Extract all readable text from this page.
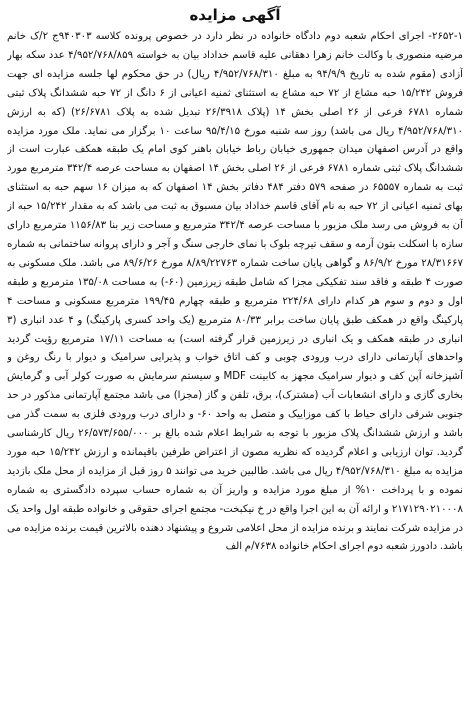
آگهی مزایده

۲۶۵۲-۱- اجرای احکام شعبه دوم دادگاه خانواده در نظر دارد در خصوص پرونده کلاسه ۹۴۰۳۰۳ج ۲/ک خانم مرضیه منصوری با وکالت خانم زهرا دهقانی علیه قاسم خداداد بیان به خواسته ۴/۹۵۲/۷۶۸/۸۵۹ عدد سکه بهار آزادی (مقوم شده به تاریخ ۹۴/۹/۹ به مبلغ ۴/۹۵۲/۷۶۸/۳۱۰ ریال) در حق محکوم لها جلسه مزایده ای جهت فروش ۱۵/۲۴۲ حبه مشاع از ۷۲ حبه مشاع به استثنای ثمنیه اعیانی از ۶ دانگ از ۷۲ حبه ششدانگ پلاک ثبتی شماره ۶۷۸۱ فرعی از ۲۶ اصلی بخش ۱۴ (پلاک ۲۶/۳۹۱۸ تبدیل شده به پلاک ۲۶/۶۷۸۱) (که به ارزش ۴/۹۵۲/۷۶۸/۳۱۰ ریال می باشد) روز سه شنبه مورخ ۹۵/۴/۱۵ ساعت ۱۰ برگزار می نماید. ملک مورد مزایده واقع در آدرس اصفهان میدان جمهوری خیابان رباط خیابان باهنر کوی امام یک طبقه همکف عبارت است از ششدانگ پلاک ثبتی شماره ۶۷۸۱ فرعی از ۲۶ اصلی بخش ۱۴ اصفهان به مساحت عرصه ۳۴۲/۴ مترمربع مورد ثبت به شماره ۶۵۵۵۷ در صفحه ۵۷۹ دفتر ۴۸۴ دفاتر بخش ۱۴ اصفهان که به میزان ۱۶ سهم حبه به استثنای بهای ثمنیه اعیانی از ۷۲ حبه به نام آقای قاسم خداداد بیان مسبوق به ثبت می باشد که به مقدار ۱۵/۲۴۲ حبه از آن به فروش می رسد ملک مزبور با مساحت عرصه ۳۴۲/۴ مترمربع و مساحت زیر بنا ۱۱۵۶/۸۳ مترمربع دارای سازه با اسکلت بتون آرمه و سقف تیرچه بلوک با نمای خارجی سنگ و آجر و دارای پروانه ساختمانی به شماره ۲۸/۳۱۶۶۷ مورخ ۸۶/۹/۲ و گواهی پایان ساخت شماره ۸/۸۹/۲۲۷۶۳ مورخ ۸۹/۶/۲۶ می باشد. ملک مسکونی به صورت ۴ طبقه و فاقد سند تفکیکی مجزا که شامل طبقه زیرزمین (۶۰-) به مساحت ۱۳۵/۰۸ مترمربع و طبقه اول و دوم و سوم هر کدام دارای ۲۲۴/۶۸ مترمربع و طبقه چهارم ۱۹۹/۴۵ مترمربع مسکونی و مساحت ۴ پارکینگ واقع در همکف طبق پایان ساخت برابر ۸۰/۳۳ مترمربع (یک واحد کسری پارکینگ) و ۴ عدد انباری (۳ انباری در طبقه همکف و یک انباری در زیرزمین قرار گرفته است) به مساحت ۱۷/۱۱ مترمربع رؤیت گردید واحدهای آپارتمانی دارای درب ورودی چوبی و کف اتاق خواب و پذیرایی سرامیک و دیوار با رنگ روغن و آشپزخانه آپن کف و دیوار سرامیک مجهز به کابینت MDF و سیستم سرمایش به صورت کولر آبی و گرمایش بخاری گازی و دارای انشعابات آب (مشترک)، برق، تلفن و گاز (مجزا) می باشد مجتمع آپارتمانی مذکور در حد جنوبی شرقی دارای حیاط با کف موزاییک و متصل به واحد ۶۰- و دارای درب ورودی فلزی به سمت گذر می باشد و ارزش ششدانگ پلاک مزبور با توجه به شرایط اعلام شده بالغ بر ۲۶/۵۷۳/۶۵۵/۰۰۰ ریال کارشناسی گردید. توان ارزیابی و اعلام گردیده که نظریه مصون از اعتراض طرفین باقیمانده و ارزش ۱۵/۲۴۲ حبه مورد مزایده به مبلغ ۴/۹۵۲/۷۶۸/۳۱۰ ریال می باشد. طالبین خرید می توانند ۵ روز قبل از مزایده از محل ملک بازدید نموده و با پرداخت ۱۰% از مبلغ مورد مزایده و واریز آن به شماره حساب سپرده دادگستری به شماره ۲۱۷۱۲۹۰۲۱۰۰۰۸ و ارائه آن به این اجرا واقع در خ نیکبخت- مجتمع اجرای حقوقی و خانواده طبقه اول واحد یک در مزایده شرکت نمایند و برنده مزایده از محل اعلامی شروع و پیشنهاد دهنده بالاترین قیمت برنده مزایده می باشد. دادورز شعبه دوم اجرای احکام خانواده ۷۶۳۸/م الف
